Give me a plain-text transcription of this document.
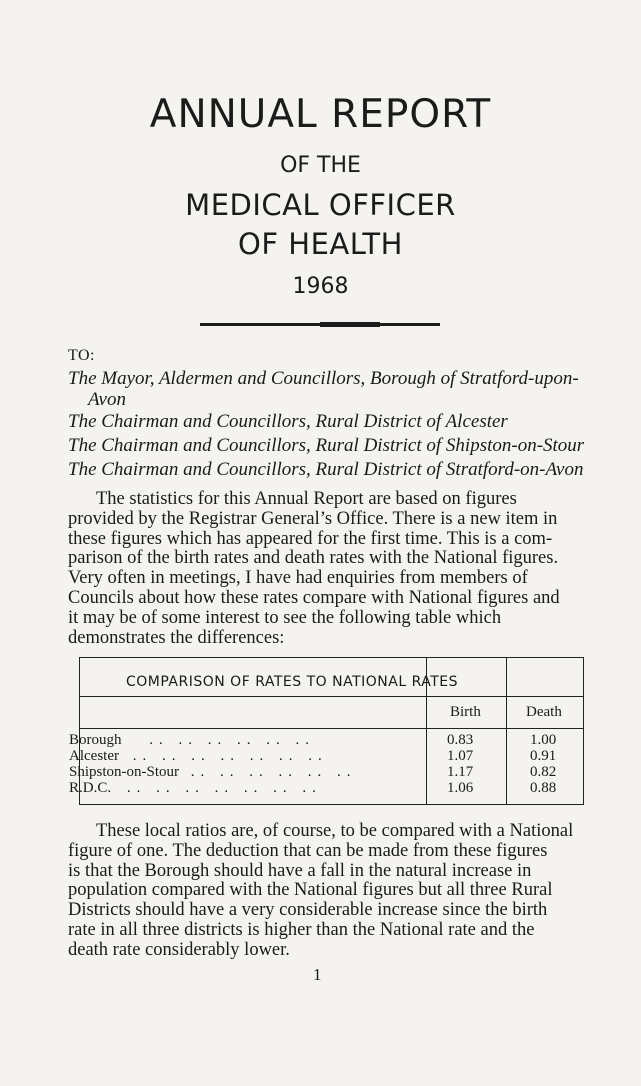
ANNUAL REPORT
OF THE
MEDICAL OFFICER
OF HEALTH
1968
TO:
The Mayor, Aldermen and Councillors, Borough of Stratford-upon-
Avon
The Chairman and Councillors, Rural District of Alcester
The Chairman and Councillors, Rural District of Shipston-on-Stour
The Chairman and Councillors, Rural District of Stratford-on-Avon
The statistics for this Annual Report are based on figures
provided by the Registrar General’s Office. There is a new item in
these figures which has appeared for the first time. This is a com-
parison of the birth rates and death rates with the National figures.
Very often in meetings, I have had enquiries from members of
Councils about how these rates compare with National figures and
it may be of some interest to see the following table which
demonstrates the differences:
COMPARISON OF RATES TO NATIONAL RATES
Birth	Death
Borough .. .. .. .. .. ..	0.83	1.00
Alcester .. .. .. .. .. .. ..	1.07	0.91
Shipston-on-Stour .. .. .. .. .. ..	1.17	0.82
R.D.C. .. .. .. .. .. .. ..	1.06	0.88
These local ratios are, of course, to be compared with a National
figure of one. The deduction that can be made from these figures
is that the Borough should have a fall in the natural increase in
population compared with the National figures but all three Rural
Districts should have a very considerable increase since the birth
rate in all three districts is higher than the National rate and the
death rate considerably lower.
1
